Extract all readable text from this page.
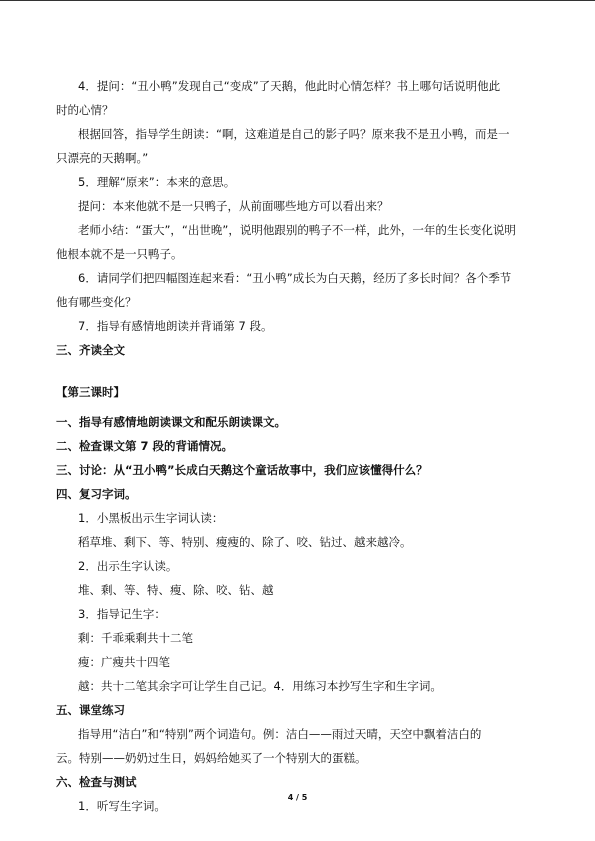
4．提问：“丑小鸭”发现自己“变成”了天鹅，他此时心情怎样？书上哪句话说明他此
时的心情？
根据回答，指导学生朗读：“啊，这难道是自己的影子吗？原来我不是丑小鸭，而是一
只漂亮的天鹅啊。”
5．理解“原来”：本来的意思。
提问：本来他就不是一只鸭子，从前面哪些地方可以看出来？
老师小结：“蛋大”，“出世晚”，说明他跟别的鸭子不一样，此外，一年的生长变化说明
他根本就不是一只鸭子。
6．请同学们把四幅图连起来看：“丑小鸭”成长为白天鹅，经历了多长时间？各个季节
他有哪些变化？
7．指导有感情地朗读并背诵第 7 段。
三、齐读全文
【第三课时】
一、指导有感情地朗读课文和配乐朗读课文。
二、检查课文第 7 段的背诵情况。
三、讨论：从“丑小鸭”长成白天鹅这个童话故事中，我们应该懂得什么？
四、复习字词。
1．小黑板出示生字词认读：
稻草堆、剩下、等、特别、瘦瘦的、除了、咬、钻过、越来越冷。
2．出示生字认读。
堆、剩、等、特、瘦、除、咬、钻、越
3．指导记生字：
剩：千乖乘剩共十二笔
瘦：广瘦共十四笔
越：共十二笔其余字可让学生自己记。4．用练习本抄写生字和生字词。
五、课堂练习
指导用“洁白”和“特别”两个词造句。例：洁白——雨过天晴，天空中飘着洁白的
云。特别——奶奶过生日，妈妈给她买了一个特别大的蛋糕。
六、检查与测试
1．听写生字词。
4 / 5
